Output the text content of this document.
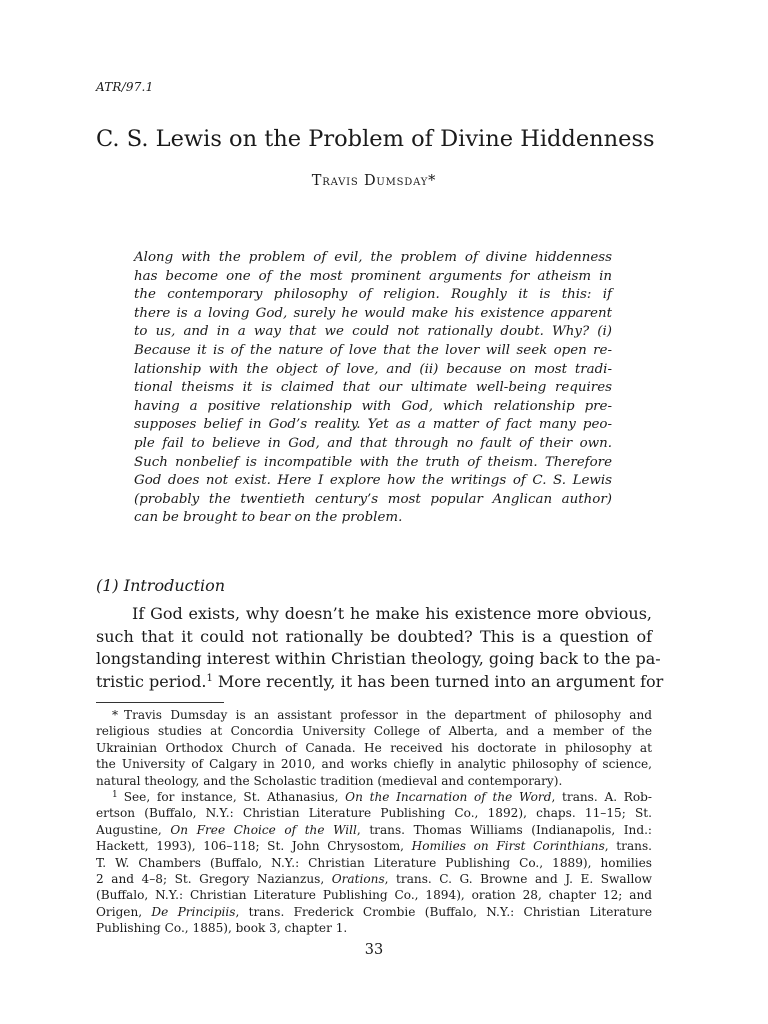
ATR/97.1
C. S. Lewis on the Problem of Divine Hiddenness
Travis Dumsday*
Along with the problem of evil, the problem of divine hiddenness
has become one of the most prominent arguments for atheism in
the contemporary philosophy of religion. Roughly it is this: if
there is a loving God, surely he would make his existence apparent
to us, and in a way that we could not rationally doubt. Why? (i)
Because it is of the nature of love that the lover will seek open re-
lationship with the object of love, and (ii) because on most tradi-
tional theisms it is claimed that our ultimate well-being requires
having a positive relationship with God, which relationship pre-
supposes belief in God’s reality. Yet as a matter of fact many peo-
ple fail to believe in God, and that through no fault of their own.
Such nonbelief is incompatible with the truth of theism. Therefore
God does not exist. Here I explore how the writings of C. S. Lewis
(probably the twentieth century’s most popular Anglican author)
can be brought to bear on the problem.
(1) Introduction
If God exists, why doesn’t he make his existence more obvious,
such that it could not rationally be doubted? This is a question of
longstanding interest within Christian theology, going back to the pa-
tristic period.$^1$ More recently, it has been turned into an argument for
* Travis Dumsday is an assistant professor in the department of philosophy and
religious studies at Concordia University College of Alberta, and a member of the
Ukrainian Orthodox Church of Canada. He received his doctorate in philosophy at
the University of Calgary in 2010, and works chiefly in analytic philosophy of science,
natural theology, and the Scholastic tradition (medieval and contemporary).
$^1$ See, for instance, St. Athanasius, On the Incarnation of the Word, trans. A. Rob-
ertson (Buffalo, N.Y.: Christian Literature Publishing Co., 1892), chaps. 11–15; St.
Augustine, On Free Choice of the Will, trans. Thomas Williams (Indianapolis, Ind.:
Hackett, 1993), 106–118; St. John Chrysostom, Homilies on First Corinthians, trans.
T. W. Chambers (Buffalo, N.Y.: Christian Literature Publishing Co., 1889), homilies
2 and 4–8; St. Gregory Nazianzus, Orations, trans. C. G. Browne and J. E. Swallow
(Buffalo, N.Y.: Christian Literature Publishing Co., 1894), oration 28, chapter 12; and
Origen, De Principiis, trans. Frederick Crombie (Buffalo, N.Y.: Christian Literature
Publishing Co., 1885), book 3, chapter 1.
33
